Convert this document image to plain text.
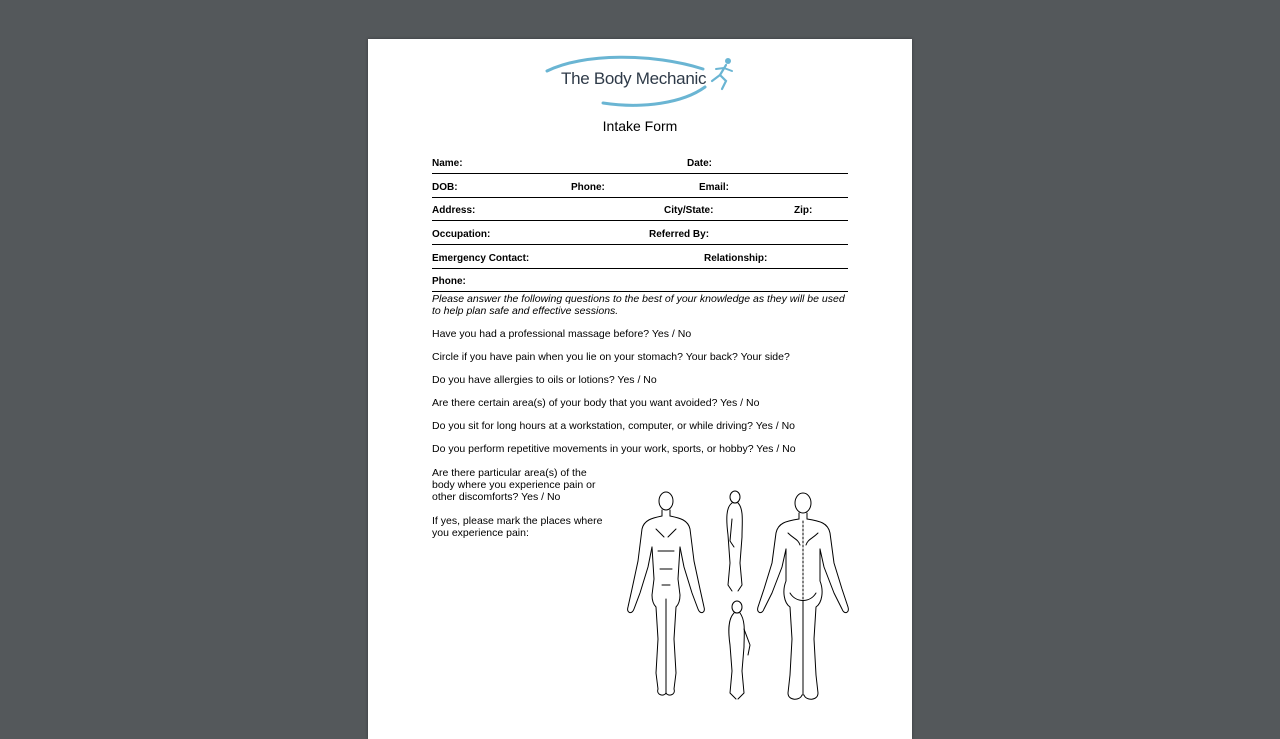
The Body Mechanic
Intake Form
Name:	Date:
DOB:	Phone:	Email:
Address:	City/State:	Zip:
Occupation:	Referred By:
Emergency Contact:	Relationship:
Phone:
Please answer the following questions to the best of your knowledge as they will be used to help plan safe and effective sessions.
Have you had a professional massage before? Yes / No
Circle if you have pain when you lie on your stomach? Your back? Your side?
Do you have allergies to oils or lotions? Yes / No
Are there certain area(s) of your body that you want avoided? Yes / No
Do you sit for long hours at a workstation, computer, or while driving? Yes / No
Do you perform repetitive movements in your work, sports, or hobby? Yes / No
Are there particular area(s) of the body where you experience pain or other discomforts? Yes / No
If yes, please mark the places where you experience pain:
